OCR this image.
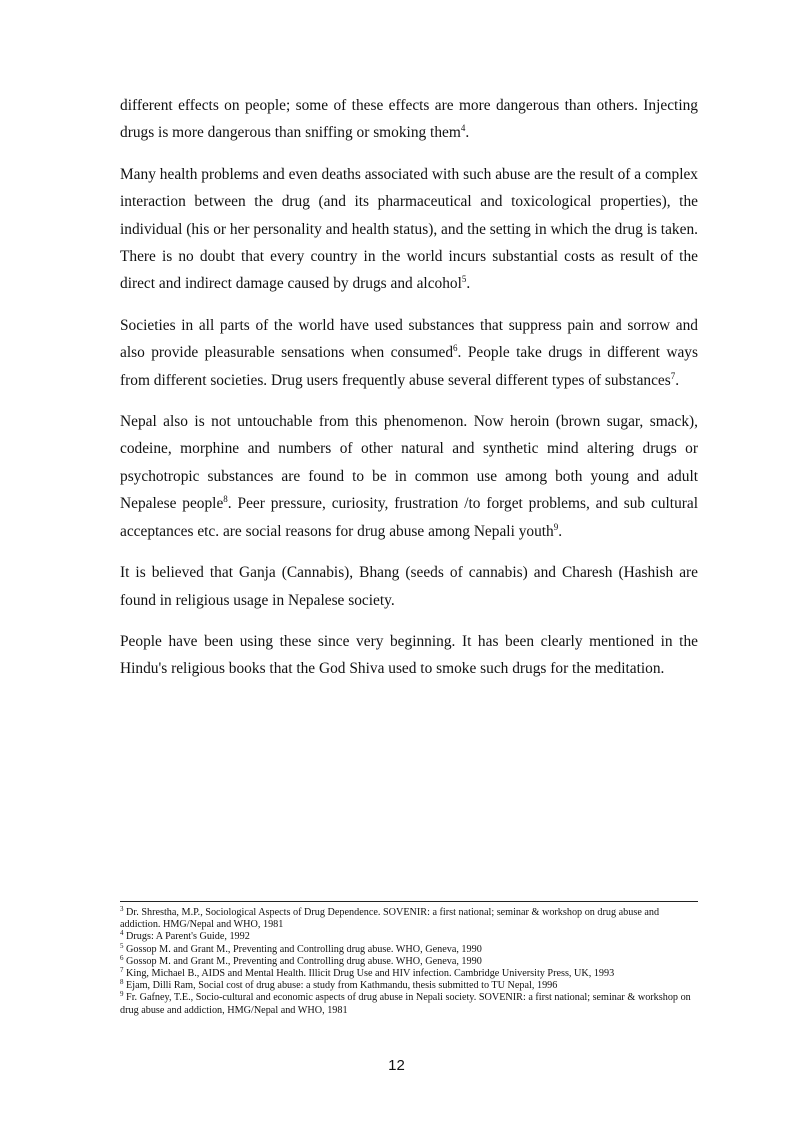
different effects on people; some of these effects are more dangerous than others. Injecting drugs is more dangerous than sniffing or smoking them$^4$.

Many health problems and even deaths associated with such abuse are the result of a complex interaction between the drug (and its pharmaceutical and toxicological properties), the individual (his or her personality and health status), and the setting in which the drug is taken. There is no doubt that every country in the world incurs substantial costs as result of the direct and indirect damage caused by drugs and alcohol$^5$.

Societies in all parts of the world have used substances that suppress pain and sorrow and also provide pleasurable sensations when consumed$^6$. People take drugs in different ways from different societies. Drug users frequently abuse several different types of substances$^7$.

Nepal also is not untouchable from this phenomenon. Now heroin (brown sugar, smack), codeine, morphine and numbers of other natural and synthetic mind altering drugs or psychotropic substances are found to be in common use among both young and adult Nepalese people$^8$. Peer pressure, curiosity, frustration /to forget problems, and sub cultural acceptances etc. are social reasons for drug abuse among Nepali youth$^9$.

It is believed that Ganja (Cannabis), Bhang (seeds of cannabis) and Charesh (Hashish are found in religious usage in Nepalese society.

People have been using these since very beginning. It has been clearly mentioned in the Hindu's religious books that the God Shiva used to smoke such drugs for the meditation.

$^3$ Dr. Shrestha, M.P., Sociological Aspects of Drug Dependence. SOVENIR: a first national; seminar & workshop on drug abuse and addiction. HMG/Nepal and WHO, 1981
$^4$ Drugs: A Parent's Guide, 1992
$^5$ Gossop M. and Grant M., Preventing and Controlling drug abuse. WHO, Geneva, 1990
$^6$ Gossop M. and Grant M., Preventing and Controlling drug abuse. WHO, Geneva, 1990
$^7$ King, Michael B., AIDS and Mental Health. Illicit Drug Use and HIV infection. Cambridge University Press, UK, 1993
$^8$ Ejam, Dilli Ram, Social cost of drug abuse: a study from Kathmandu, thesis submitted to TU Nepal, 1996
$^9$ Fr. Gafney, T.E., Socio-cultural and economic aspects of drug abuse in Nepali society. SOVENIR: a first national; seminar & workshop on drug abuse and addiction, HMG/Nepal and WHO, 1981
12
